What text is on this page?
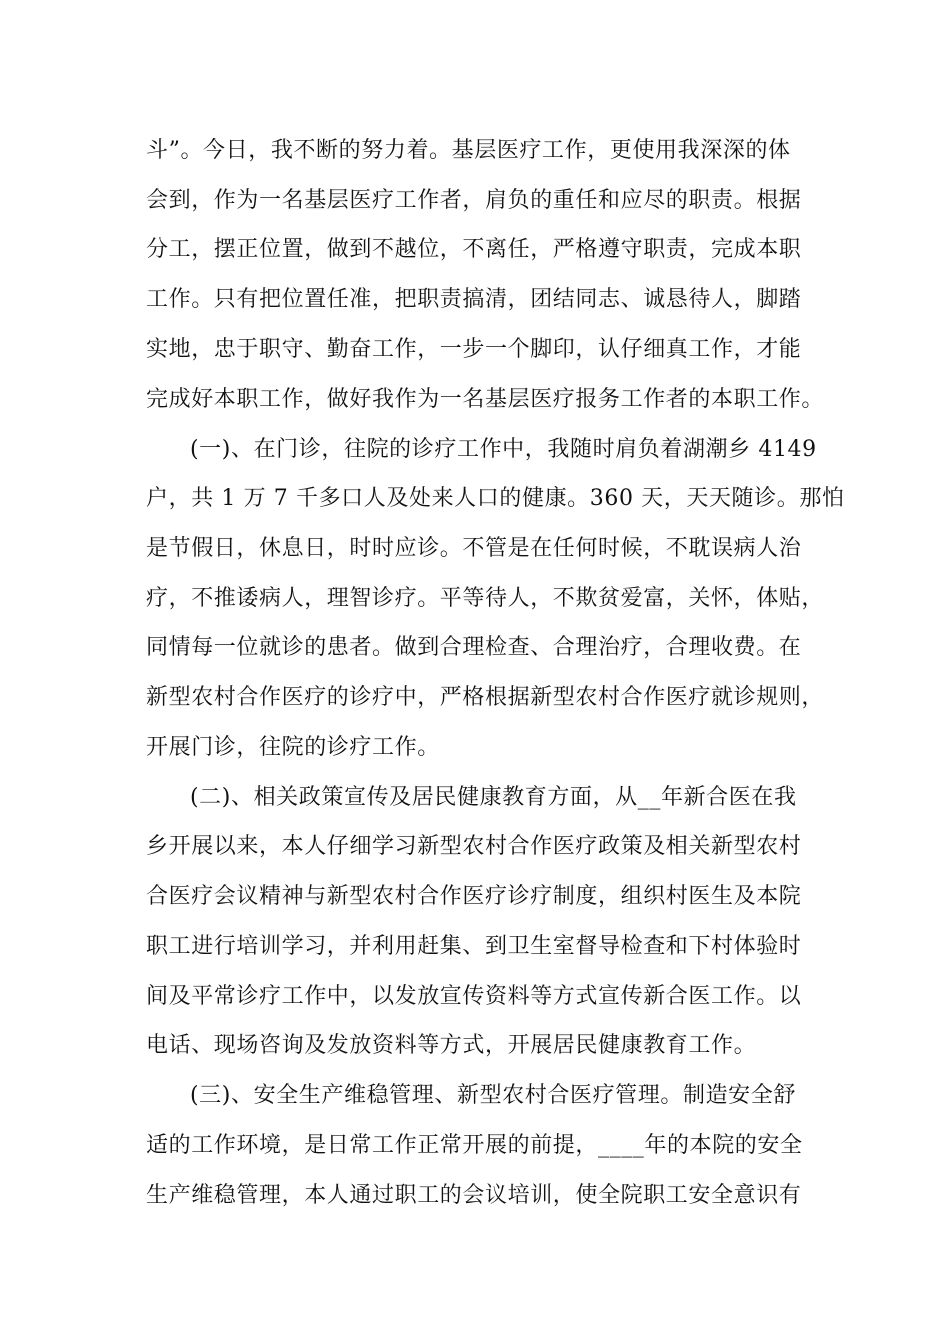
斗”。今日，我不断的努力着。基层医疗工作，更使用我深深的体
会到，作为一名基层医疗工作者，肩负的重任和应尽的职责。根据
分工，摆正位置，做到不越位，不离任，严格遵守职责，完成本职
工作。只有把位置任准，把职责搞清，团结同志、诚恳待人，脚踏
实地，忠于职守、勤奋工作，一步一个脚印，认仔细真工作，才能
完成好本职工作，做好我作为一名基层医疗报务工作者的本职工作。
(一)、在门诊，往院的诊疗工作中，我随时肩负着湖潮乡 4149
户，共 1 万 7 千多口人及处来人口的健康。360 天，天天随诊。那怕
是节假日，休息日，时时应诊。不管是在任何时候，不耽误病人治
疗，不推诿病人，理智诊疗。平等待人，不欺贫爱富，关怀，体贴，
同情每一位就诊的患者。做到合理检查、合理治疗，合理收费。在
新型农村合作医疗的诊疗中，严格根据新型农村合作医疗就诊规则，
开展门诊，往院的诊疗工作。
(二)、相关政策宣传及居民健康教育方面，从__年新合医在我
乡开展以来，本人仔细学习新型农村合作医疗政策及相关新型农村
合医疗会议精神与新型农村合作医疗诊疗制度，组织村医生及本院
职工进行培训学习，并利用赶集、到卫生室督导检查和下村体验时
间及平常诊疗工作中，以发放宣传资料等方式宣传新合医工作。以
电话、现场咨询及发放资料等方式，开展居民健康教育工作。
(三)、安全生产维稳管理、新型农村合医疗管理。制造安全舒
适的工作环境，是日常工作正常开展的前提，____年的本院的安全
生产维稳管理，本人通过职工的会议培训，使全院职工安全意识有
